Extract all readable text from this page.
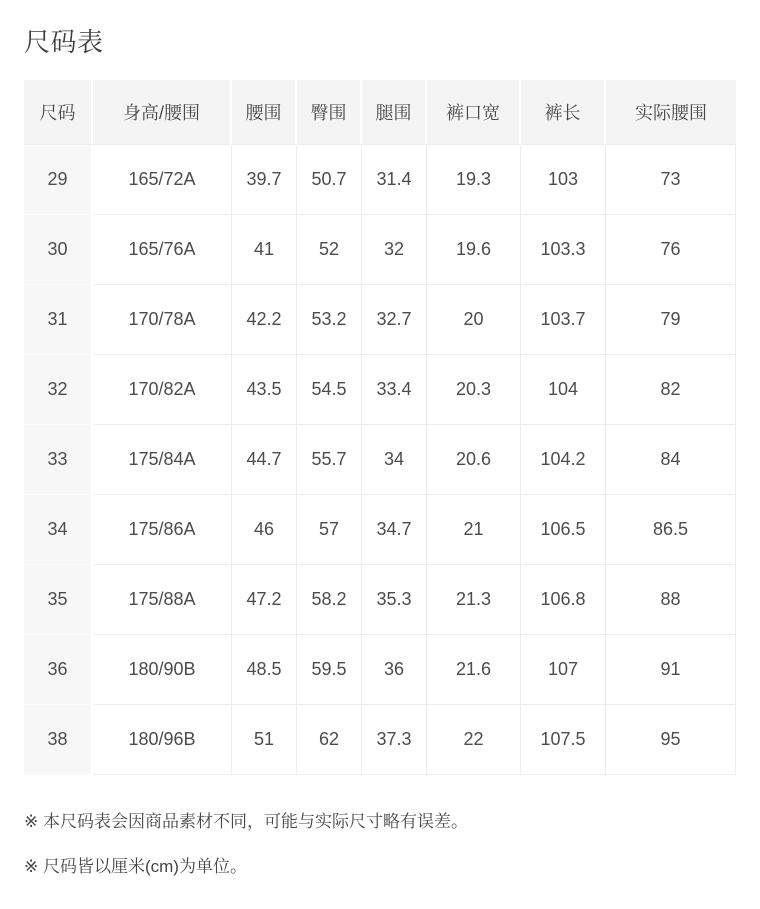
尺码表
尺码	身高/腰围	腰围	臀围	腿围	裤口宽	裤长	实际腰围
29	165/72A	39.7	50.7	31.4	19.3	103	73
30	165/76A	41	52	32	19.6	103.3	76
31	170/78A	42.2	53.2	32.7	20	103.7	79
32	170/82A	43.5	54.5	33.4	20.3	104	82
33	175/84A	44.7	55.7	34	20.6	104.2	84
34	175/86A	46	57	34.7	21	106.5	86.5
35	175/88A	47.2	58.2	35.3	21.3	106.8	88
36	180/90B	48.5	59.5	36	21.6	107	91
38	180/96B	51	62	37.3	22	107.5	95

※ 本尺码表会因商品素材不同，可能与实际尺寸略有误差。

※ 尺码皆以厘米(cm)为单位。
